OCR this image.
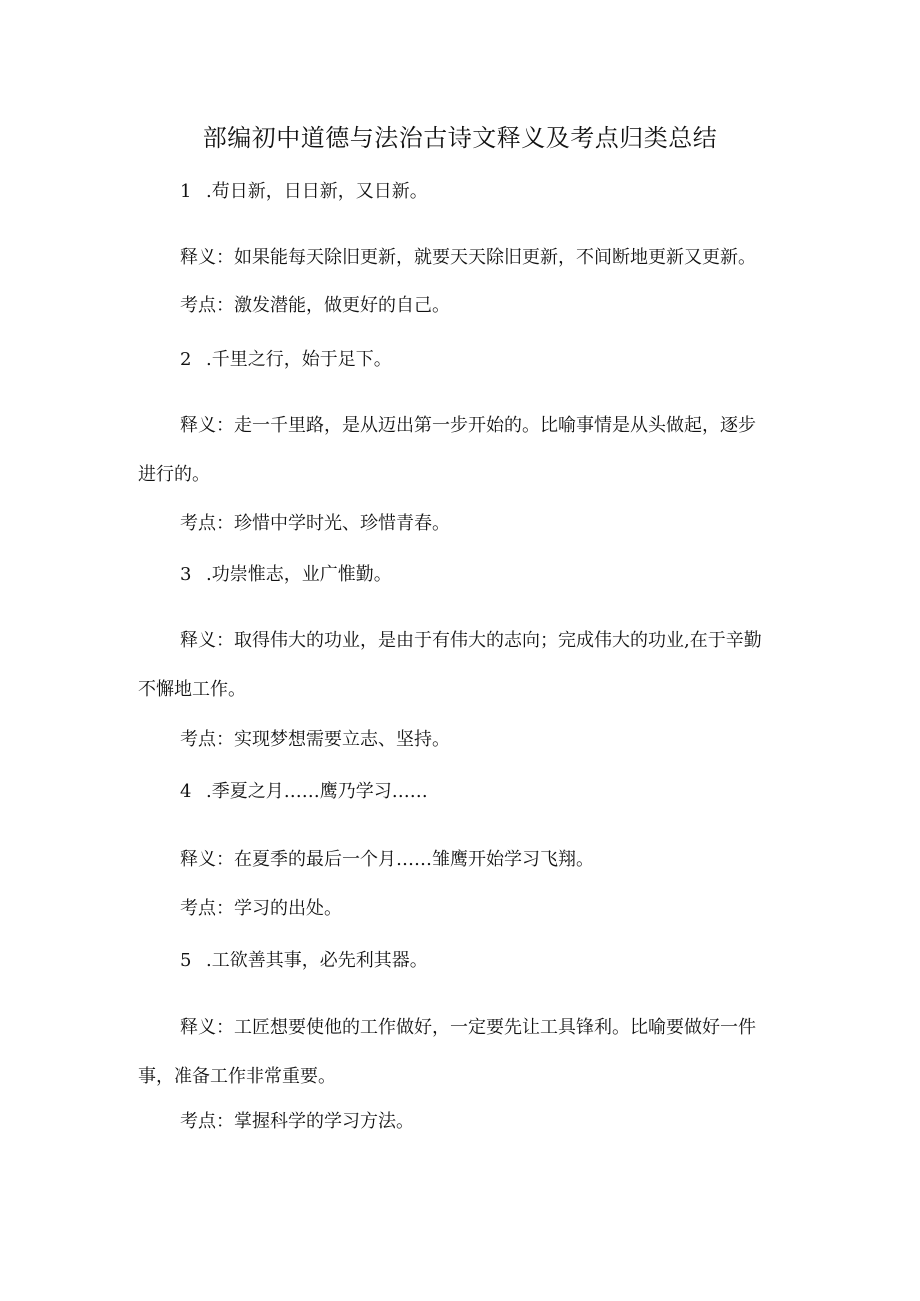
部编初中道德与法治古诗文释义及考点归类总结
1 .苟日新，日日新，又日新。
释义：如果能每天除旧更新，就要天天除旧更新，不间断地更新又更新。
考点：激发潜能，做更好的自己。
2 .千里之行，始于足下。
释义：走一千里路，是从迈出第一步开始的。比喻事情是从头做起，逐步
进行的。
考点：珍惜中学时光、珍惜青春。
3 .功崇惟志，业广惟勤。
释义：取得伟大的功业，是由于有伟大的志向；完成伟大的功业,在于辛勤
不懈地工作。
考点：实现梦想需要立志、坚持。
4 .季夏之月……鹰乃学习……
释义：在夏季的最后一个月……雏鹰开始学习飞翔。
考点：学习的出处。
5 .工欲善其事，必先利其器。
释义：工匠想要使他的工作做好，一定要先让工具锋利。比喻要做好一件
事，准备工作非常重要。
考点：掌握科学的学习方法。
